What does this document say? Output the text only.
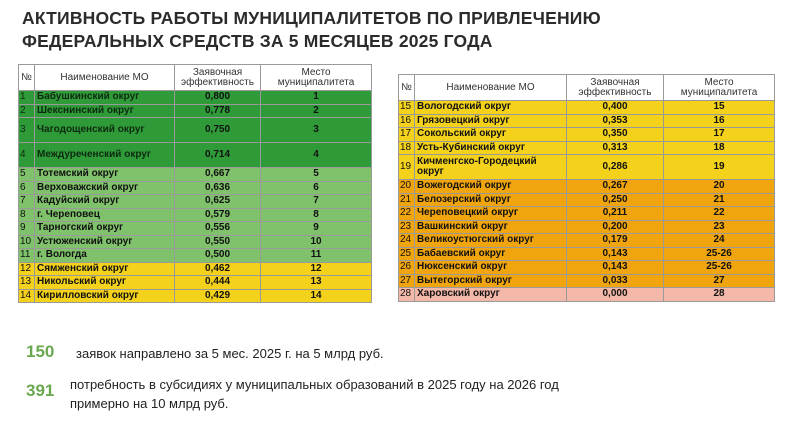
АКТИВНОСТЬ РАБОТЫ МУНИЦИПАЛИТЕТОВ ПО ПРИВЛЕЧЕНИЮ
ФЕДЕРАЛЬНЫХ СРЕДСТВ ЗА 5 МЕСЯЦЕВ 2025 ГОДА
№	Наименование МО	Заявочная эффективность	Место муниципалитета
1	Бабушкинский округ	0,800	1
2	Шекснинский округ	0,778	2
3	Чагодощенский округ	0,750	3
4	Междуреченский округ	0,714	4
5	Тотемский округ	0,667	5
6	Верховажский округ	0,636	6
7	Кадуйский округ	0,625	7
8	г. Череповец	0,579	8
9	Тарногский округ	0,556	9
10	Устюженский округ	0,550	10
11	г. Вологда	0,500	11
12	Сямженский округ	0,462	12
13	Никольский округ	0,444	13
14	Кирилловский округ	0,429	14
№	Наименование МО	Заявочная эффективность	Место муниципалитета
15	Вологодский округ	0,400	15
16	Грязовецкий округ	0,353	16
17	Сокольский округ	0,350	17
18	Усть-Кубинский округ	0,313	18
19	Кичменгско-Городецкий округ	0,286	19
20	Вожегодский округ	0,267	20
21	Белозерский округ	0,250	21
22	Череповецкий округ	0,211	22
23	Вашкинский округ	0,200	23
24	Великоустюгский округ	0,179	24
25	Бабаевский округ	0,143	25-26
26	Нюксенский округ	0,143	25-26
27	Вытегорский округ	0,033	27
28	Харовский округ	0,000	28
150 заявок направлено за 5 мес. 2025 г. на 5 млрд руб.
391 потребность в субсидиях у муниципальных образований в 2025 году на 2026 год примерно на 10 млрд руб.
